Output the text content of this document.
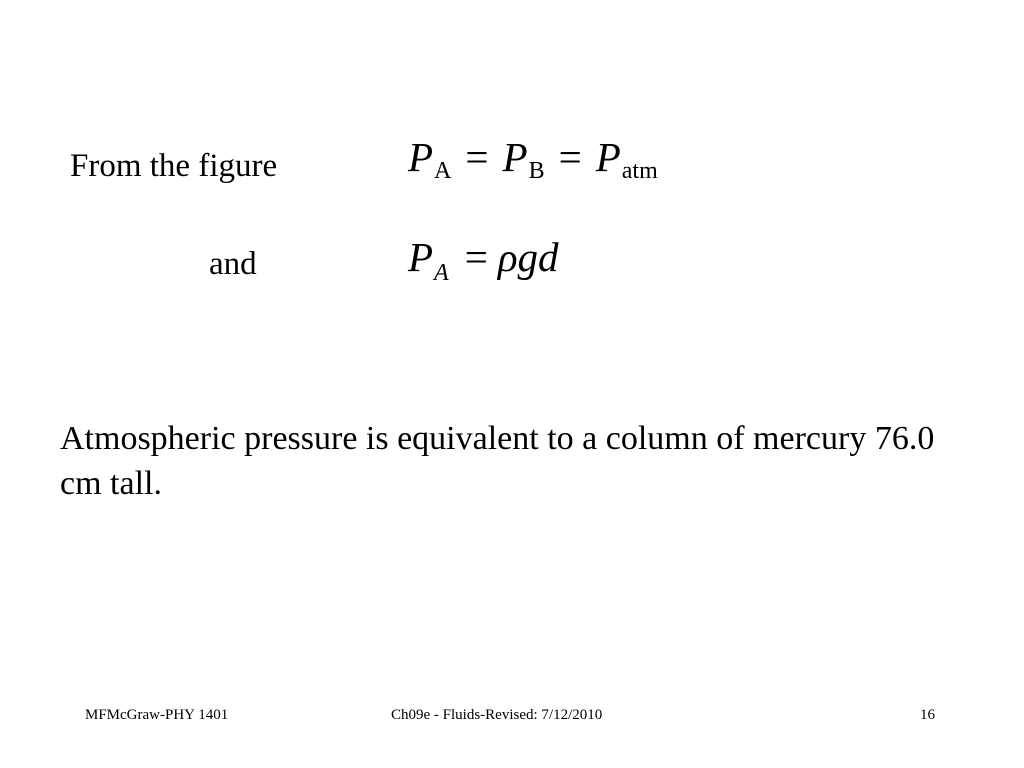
From the figure	PA = PB = Patm
and	$P_A = \rho gd$
Atmospheric pressure is equivalent to a column of mercury 76.0 cm tall.
MFMcGraw-PHY 1401	Ch09e - Fluids-Revised: 7/12/2010	16
